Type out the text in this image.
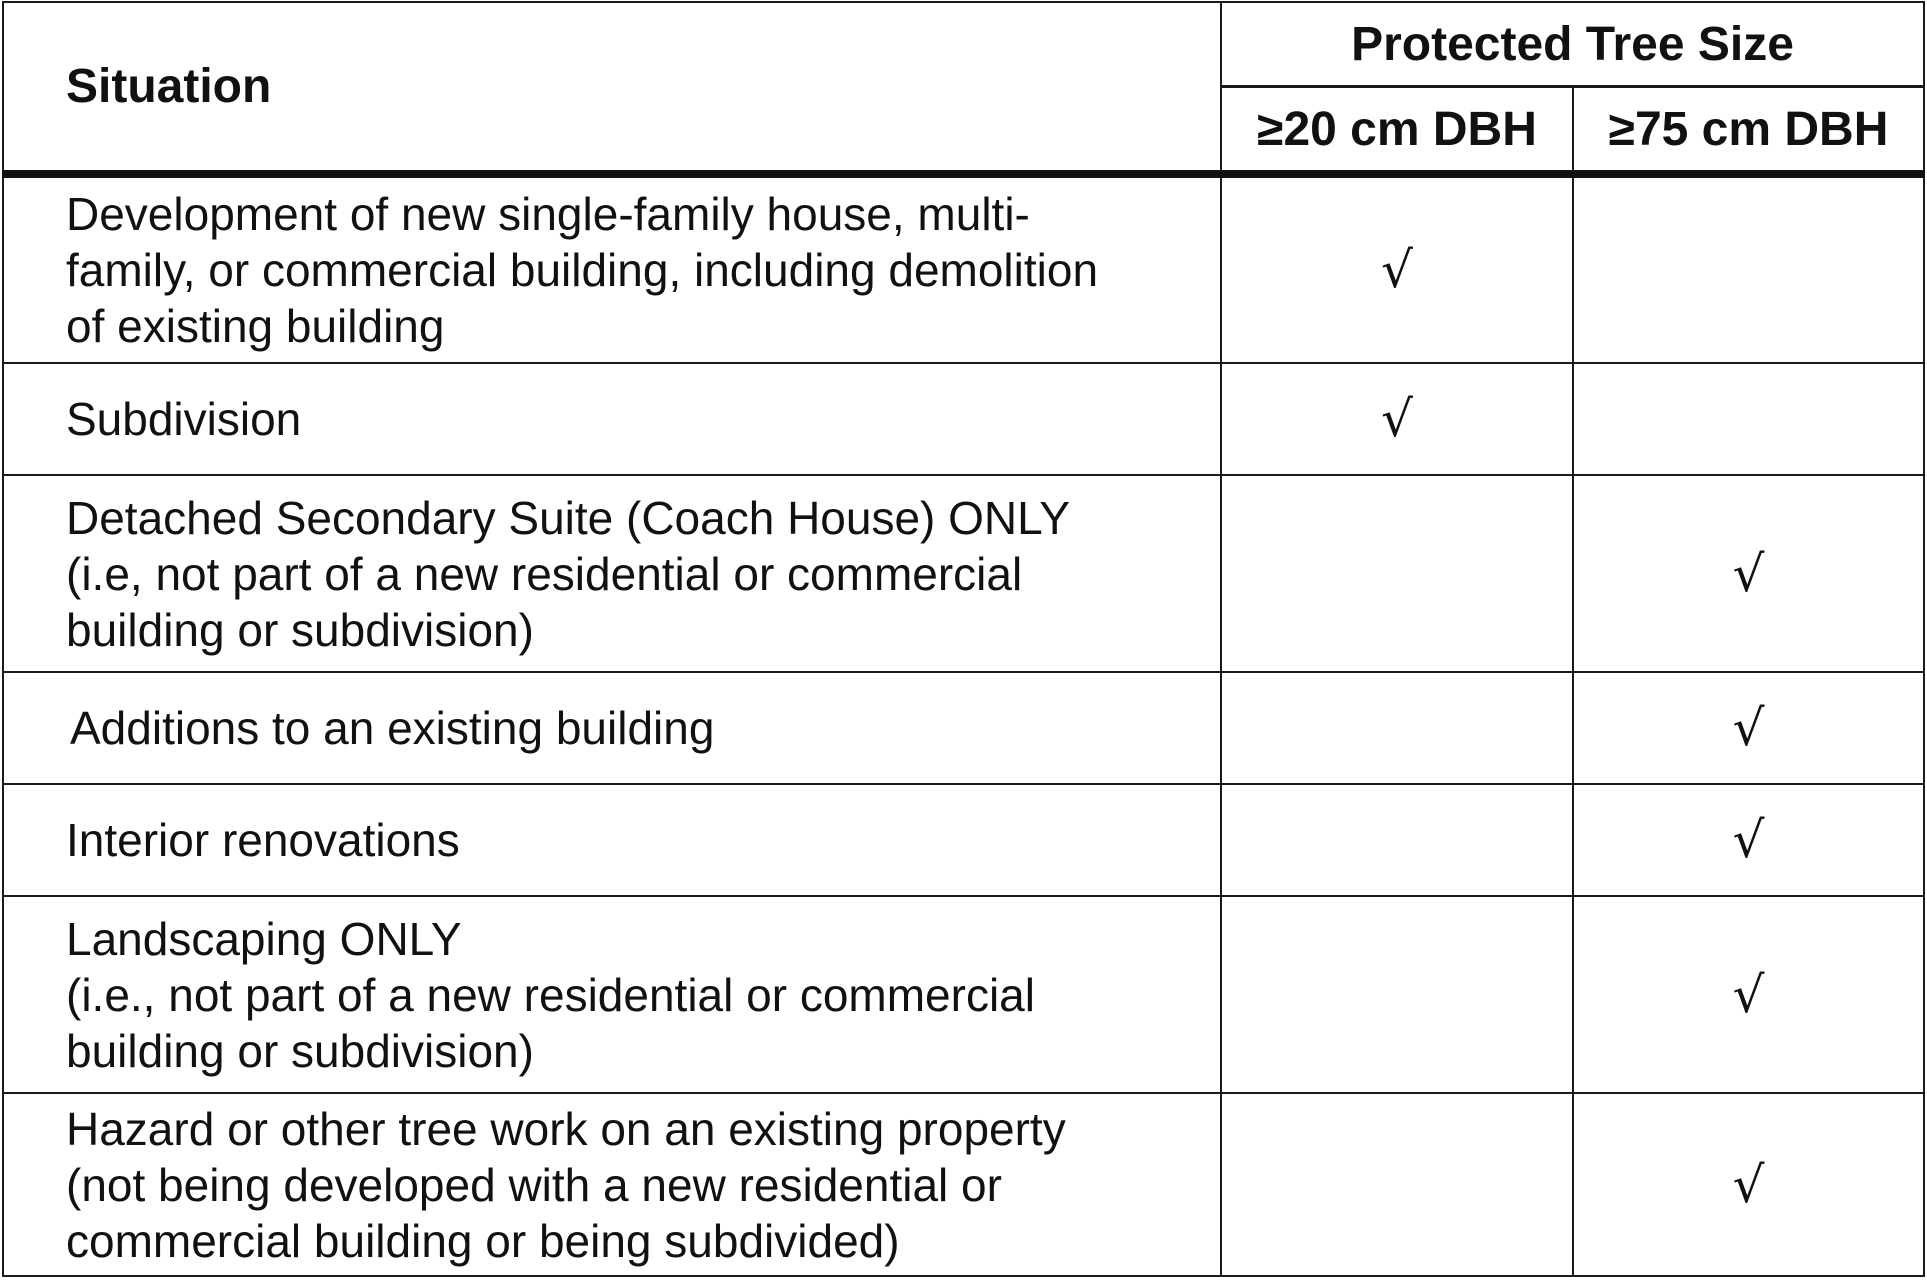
Situation	Protected Tree Size	
	≥20 cm DBH	≥75 cm DBH
Development of new single-family house, multi-
family, or commercial building, including demolition
of existing building	√	
Subdivision	√	
Detached Secondary Suite (Coach House) ONLY
(i.e, not part of a new residential or commercial
building or subdivision)		√
Additions to an existing building		√
Interior renovations		√
Landscaping ONLY
(i.e., not part of a new residential or commercial
building or subdivision)		√
Hazard or other tree work on an existing property
(not being developed with a new residential or
commercial building or being subdivided)		√
